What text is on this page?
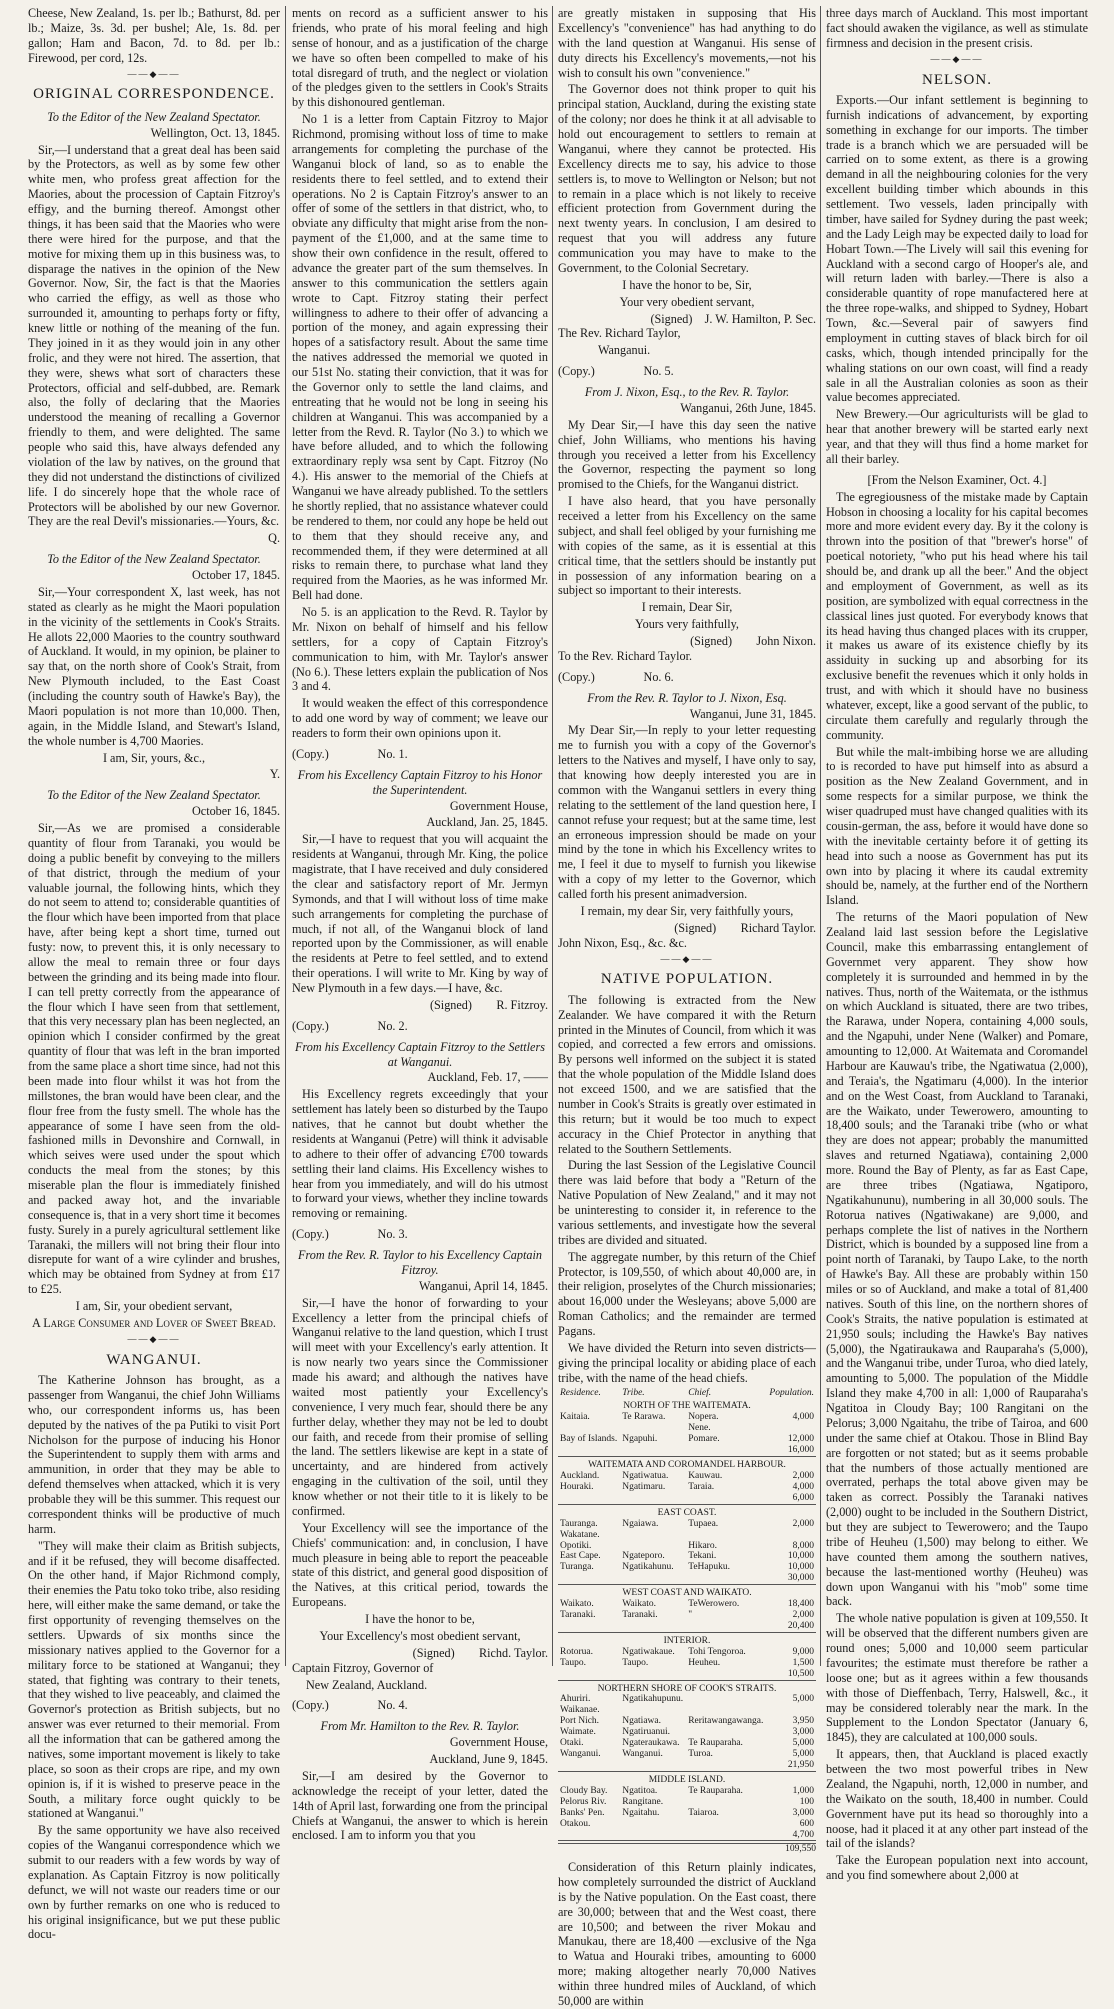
Cheese, New Zealand, 1s. per lb.; Bathurst, 8d. per lb.; Maize, 3s. 3d. per bushel; Ale, 1s. 8d. per gallon; Ham and Bacon, 7d. to 8d. per lb.: Firewood, per cord, 12s.

——◆——
ORIGINAL CORRESPONDENCE.

To the Editor of the New Zealand Spectator.

Wellington, Oct. 13, 1845.

Sir,—I understand that a great deal has been said by the Protectors, as well as by some few other white men, who profess great affection for the Maories, about the procession of Captain Fitzroy's effigy, and the burning thereof. Amongst other things, it has been said that the Maories who were there were hired for the purpose, and that the motive for mixing them up in this business was, to disparage the natives in the opinion of the New Governor. Now, Sir, the fact is that the Maories who carried the effigy, as well as those who surrounded it, amounting to perhaps forty or fifty, knew little or nothing of the meaning of the fun. They joined in it as they would join in any other frolic, and they were not hired. The assertion, that they were, shews what sort of characters these Protectors, official and self-dubbed, are. Remark also, the folly of declaring that the Maories understood the meaning of recalling a Governor friendly to them, and were delighted. The same people who said this, have always defended any violation of the law by natives, on the ground that they did not understand the distinctions of civilized life. I do sincerely hope that the whole race of Protectors will be abolished by our new Governor. They are the real Devil's missionaries.—Yours, &c.

Q.

To the Editor of the New Zealand Spectator.

October 17, 1845.

Sir,—Your correspondent X, last week, has not stated as clearly as he might the Maori population in the vicinity of the settlements in Cook's Straits. He allots 22,000 Maories to the country southward of Auckland. It would, in my opinion, be plainer to say that, on the north shore of Cook's Strait, from New Plymouth included, to the East Coast (including the country south of Hawke's Bay), the Maori population is not more than 10,000. Then, again, in the Middle Island, and Stewart's Island, the whole number is 4,700 Maories.

I am, Sir, yours, &c.,

Y.

To the Editor of the New Zealand Spectator.

October 16, 1845.

Sir,—As we are promised a considerable quantity of flour from Taranaki, you would be doing a public benefit by conveying to the millers of that district, through the medium of your valuable journal, the following hints, which they do not seem to attend to; considerable quantities of the flour which have been imported from that place have, after being kept a short time, turned out fusty: now, to prevent this, it is only necessary to allow the meal to remain three or four days between the grinding and its being made into flour. I can tell pretty correctly from the appearance of the flour which I have seen from that settlement, that this very necessary plan has been neglected, an opinion which I consider confirmed by the great quantity of flour that was left in the bran imported from the same place a short time since, had not this been made into flour whilst it was hot from the millstones, the bran would have been clear, and the flour free from the fusty smell. The whole has the appearance of some I have seen from the old-fashioned mills in Devonshire and Cornwall, in which seives were used under the spout which conducts the meal from the stones; by this miserable plan the flour is immediately finished and packed away hot, and the invariable consequence is, that in a very short time it becomes fusty. Surely in a purely agricultural settlement like Taranaki, the millers will not bring their flour into disrepute for want of a wire cylinder and brushes, which may be obtained from Sydney at from £17 to £25.

I am, Sir, your obedient servant,

A Large Consumer and Lover of Sweet Bread.

——◆——
WANGANUI.

The Katherine Johnson has brought, as a passenger from Wanganui, the chief John Williams who, our correspondent informs us, has been deputed by the natives of the pa Putiki to visit Port Nicholson for the purpose of inducing his Honor the Superintendent to supply them with arms and ammunition, in order that they may be able to defend themselves when attacked, which it is very probable they will be this summer. This request our correspondent thinks will be productive of much harm.

"They will make their claim as British subjects, and if it be refused, they will become disaffected. On the other hand, if Major Richmond comply, their enemies the Patu toko toko tribe, also residing here, will either make the same demand, or take the first opportunity of revenging themselves on the settlers. Upwards of six months since the missionary natives applied to the Governor for a military force to be stationed at Wanganui; they stated, that fighting was contrary to their tenets, that they wished to live peaceably, and claimed the Governor's protection as British subjects, but no answer was ever returned to their memorial. From all the information that can be gathered among the natives, some important movement is likely to take place, so soon as their crops are ripe, and my own opinion is, if it is wished to preserve peace in the South, a military force ought quickly to be stationed at Wanganui."

By the same opportunity we have also received copies of the Wanganui correspondence which we submit to our readers with a few words by way of explanation. As Captain Fitzroy is now politically defunct, we will not waste our readers time or our own by further remarks on one who is reduced to his original insignificance, but we put these public docu-

ments on record as a sufficient answer to his friends, who prate of his moral feeling and high sense of honour, and as a justification of the charge we have so often been compelled to make of his total disregard of truth, and the neglect or violation of the pledges given to the settlers in Cook's Straits by this dishonoured gentleman.

No 1 is a letter from Captain Fitzroy to Major Richmond, promising without loss of time to make arrangements for completing the purchase of the Wanganui block of land, so as to enable the residents there to feel settled, and to extend their operations. No 2 is Captain Fitzroy's answer to an offer of some of the settlers in that district, who, to obviate any difficulty that might arise from the non-payment of the £1,000, and at the same time to show their own confidence in the result, offered to advance the greater part of the sum themselves. In answer to this communication the settlers again wrote to Capt. Fitzroy stating their perfect willingness to adhere to their offer of advancing a portion of the money, and again expressing their hopes of a satisfactory result. About the same time the natives addressed the memorial we quoted in our 51st No. stating their conviction, that it was for the Governor only to settle the land claims, and entreating that he would not be long in seeing his children at Wanganui. This was accompanied by a letter from the Revd. R. Taylor (No 3.) to which we have before alluded, and to which the following extraordinary reply wsa sent by Capt. Fitzroy (No 4.). His answer to the memorial of the Chiefs at Wanganui we have already published. To the settlers he shortly replied, that no assistance whatever could be rendered to them, nor could any hope be held out to them that they should receive any, and recommended them, if they were determined at all risks to remain there, to purchase what land they required from the Maories, as he was informed Mr. Bell had done.

No 5. is an application to the Revd. R. Taylor by Mr. Nixon on behalf of himself and his fellow settlers, for a copy of Captain Fitzroy's communication to him, with Mr. Taylor's answer (No 6.). These letters explain the publication of Nos 3 and 4.

It would weaken the effect of this correspondence to add one word by way of comment; we leave our readers to form their own opinions upon it.

(Copy.)                No. 1.

From his Excellency Captain Fitzroy to his Honor the Superintendent.

Government House,

Auckland, Jan. 25, 1845.

Sir,—I have to request that you will acquaint the residents at Wanganui, through Mr. King, the police magistrate, that I have received and duly considered the clear and satisfactory report of Mr. Jermyn Symonds, and that I will without loss of time make such arrangements for completing the purchase of much, if not all, of the Wanganui block of land reported upon by the Commissioner, as will enable the residents at Petre to feel settled, and to extend their operations. I will write to Mr. King by way of New Plymouth in a few days.—I have, &c.

(Signed)        R. Fitzroy.

(Copy.)                No. 2.

From his Excellency Captain Fitzroy to the Settlers at Wanganui.

Auckland, Feb. 17, ——

His Excellency regrets exceedingly that your settlement has lately been so disturbed by the Taupo natives, that he cannot but doubt whether the residents at Wanganui (Petre) will think it advisable to adhere to their offer of advancing £700 towards settling their land claims. His Excellency wishes to hear from you immediately, and will do his utmost to forward your views, whether they incline towards removing or remaining.

(Copy.)                No. 3.

From the Rev. R. Taylor to his Excellency Captain Fitzroy.

Wanganui, April 14, 1845.

Sir,—I have the honor of forwarding to your Excellency a letter from the principal chiefs of Wanganui relative to the land question, which I trust will meet with your Excellency's early attention. It is now nearly two years since the Commissioner made his award; and although the natives have waited most patiently your Excellency's convenience, I very much fear, should there be any further delay, whether they may not be led to doubt our faith, and recede from their promise of selling the land. The settlers likewise are kept in a state of uncertainty, and are hindered from actively engaging in the cultivation of the soil, until they know whether or not their title to it is likely to be confirmed.

Your Excellency will see the importance of the Chiefs' communication: and, in conclusion, I have much pleasure in being able to report the peaceable state of this district, and general good disposition of the Natives, at this critical period, towards the Europeans.

I have the honor to be,

Your Excellency's most obedient servant,

(Signed)        Richd. Taylor.

Captain Fitzroy, Governor of

New Zealand, Auckland.

(Copy.)                No. 4.

From Mr. Hamilton to the Rev. R. Taylor.

Government House,

Auckland, June 9, 1845.

Sir,—I am desired by the Governor to acknowledge the receipt of your letter, dated the 14th of April last, forwarding one from the principal Chiefs at Wanganui, the answer to which is herein enclosed. I am to inform you that you

are greatly mistaken in supposing that His Excellency's "convenience" has had anything to do with the land question at Wanganui. His sense of duty directs his Excellency's movements,—not his wish to consult his own "convenience."

The Governor does not think proper to quit his principal station, Auckland, during the existing state of the colony; nor does he think it at all advisable to hold out encouragement to settlers to remain at Wanganui, where they cannot be protected. His Excellency directs me to say, his advice to those settlers is, to move to Wellington or Nelson; but not to remain in a place which is not likely to receive efficient protection from Government during the next twenty years. In conclusion, I am desired to request that you will address any future communication you may have to make to the Government, to the Colonial Secretary.

I have the honor to be, Sir,

Your very obedient servant,

(Signed)    J. W. Hamilton, P. Sec.

The Rev. Richard Taylor,

Wanganui.

(Copy.)                No. 5.

From J. Nixon, Esq., to the Rev. R. Taylor.

Wanganui, 26th June, 1845.

My Dear Sir,—I have this day seen the native chief, John Williams, who mentions his having through you received a letter from his Excellency the Governor, respecting the payment so long promised to the Chiefs, for the Wanganui district.

I have also heard, that you have personally received a letter from his Excellency on the same subject, and shall feel obliged by your furnishing me with copies of the same, as it is essential at this critical time, that the settlers should be instantly put in possession of any information bearing on a subject so important to their interests.

I remain, Dear Sir,

Yours very faithfully,

(Signed)        John Nixon.

To the Rev. Richard Taylor.

(Copy.)                No. 6.

From the Rev. R. Taylor to J. Nixon, Esq.

Wanganui, June 31, 1845.

My Dear Sir,—In reply to your letter requesting me to furnish you with a copy of the Governor's letters to the Natives and myself, I have only to say, that knowing how deeply interested you are in common with the Wanganui settlers in every thing relating to the settlement of the land question here, I cannot refuse your request; but at the same time, lest an erroneous impression should be made on your mind by the tone in which his Excellency writes to me, I feel it due to myself to furnish you likewise with a copy of my letter to the Governor, which called forth his present animadversion.

I remain, my dear Sir, very faithfully yours,

(Signed)        Richard Taylor.

John Nixon, Esq., &c. &c.

——◆——
NATIVE POPULATION.

The following is extracted from the New Zealander. We have compared it with the Return printed in the Minutes of Council, from which it was copied, and corrected a few errors and omissions. By persons well informed on the subject it is stated that the whole population of the Middle Island does not exceed 1500, and we are satisfied that the number in Cook's Straits is greatly over estimated in this return; but it would be too much to expect accuracy in the Chief Protector in anything that related to the Southern Settlements.

During the last Session of the Legislative Council there was laid before that body a "Return of the Native Population of New Zealand," and it may not be uninteresting to consider it, in reference to the various settlements, and investigate how the several tribes are divided and situated.

The aggregate number, by this return of the Chief Protector, is 109,550, of which about 40,000 are, in their religion, proselytes of the Church missionaries; about 16,000 under the Wesleyans; above 5,000 are Roman Catholics; and the remainder are termed Pagans.

We have divided the Return into seven districts—giving the principal locality or abiding place of each tribe, with the name of the head chiefs.

Residence.	Tribe.	Chief.	Population.
NORTH OF THE WAITEMATA.			
Kaitaia.	Te Rarawa.	Nopera.	4,000
		Nene.	
Bay of Islands.	Ngapuhi.	Pomare.	12,000
16,000			
WAITEMATA AND COROMANDEL HARBOUR.			
Auckland.	Ngatiwatua.	Kauwau.	2,000
Houraki.	Ngatimaru.	Taraia.	4,000
6,000			
EAST COAST.			
Tauranga.	Ngaiawa.	Tupaea.	2,000
Wakatane.			
Opotiki.		Hikaro.	8,000
East Cape.	Ngateporo.	Tekani.	10,000
Turanga.	Ngatikahunu.	TeHapuku.	10,000
30,000			
WEST COAST AND WAIKATO.			
Waikato.	Waikato.	TeWerowero.	18,400
Taranaki.	Taranaki.	"	2,000
20,400			
INTERIOR.			
Rotorua.	Ngatiwakaue.	Tohi Tengoroa.	9,000
Taupo.	Taupo.	Heuheu.	1,500
10,500			
NORTHERN SHORE OF COOK'S STRAITS.			
Ahuriri.	Ngatikahupunu.		5,000
Waikanae.			
Port Nich.	Ngatiawa.	Reritawangawanga.	3,950
Waimate.	Ngatiruanui.		3,000
Otaki.	Ngateraukawa.	Te Rauparaha.	5,000
Wanganui.	Wanganui.	Turoa.	5,000
21,950			
MIDDLE ISLAND.			
Cloudy Bay.	Ngatitoa.	Te Rauparaha.	1,000
Pelorus Riv.	Rangitane.		100
Banks' Pen.	Ngaitahu.	Taiaroa.	3,000
Otakou.			600
4,700			
109,550

Consideration of this Return plainly indicates, how completely surrounded the district of Auckland is by the Native population. On the East coast, there are 30,000; between that and the West coast, there are 10,500; and between the river Mokau and Manukau, there are 18,400 —exclusive of the Nga to Watua and Houraki tribes, amounting to 6000 more; making altogether nearly 70,000 Natives within three hundred miles of Auckland, of which 50,000 are within

three days march of Auckland. This most important fact should awaken the vigilance, as well as stimulate firmness and decision in the present crisis.

——◆——
NELSON.

Exports.—Our infant settlement is beginning to furnish indications of advancement, by exporting something in exchange for our imports. The timber trade is a branch which we are persuaded will be carried on to some extent, as there is a growing demand in all the neighbouring colonies for the very excellent building timber which abounds in this settlement. Two vessels, laden principally with timber, have sailed for Sydney during the past week; and the Lady Leigh may be expected daily to load for Hobart Town.—The Lively will sail this evening for Auckland with a second cargo of Hooper's ale, and will return laden with barley.—There is also a considerable quantity of rope manufactered here at the three rope-walks, and shipped to Sydney, Hobart Town, &c.—Several pair of sawyers find employment in cutting staves of black birch for oil casks, which, though intended principally for the whaling stations on our own coast, will find a ready sale in all the Australian colonies as soon as their value becomes appreciated.

New Brewery.—Our agriculturists will be glad to hear that another brewery will be started early next year, and that they will thus find a home market for all their barley.

[From the Nelson Examiner, Oct. 4.]

The egregiousness of the mistake made by Captain Hobson in choosing a locality for his capital becomes more and more evident every day. By it the colony is thrown into the position of that "brewer's horse" of poetical notoriety, "who put his head where his tail should be, and drank up all the beer." And the object and employment of Government, as well as its position, are symbolized with equal correctness in the classical lines just quoted. For everybody knows that its head having thus changed places with its crupper, it makes us aware of its existence chiefly by its assiduity in sucking up and absorbing for its exclusive benefit the revenues which it only holds in trust, and with which it should have no business whatever, except, like a good servant of the public, to circulate them carefully and regularly through the community.

But while the malt-imbibing horse we are alluding to is recorded to have put himself into as absurd a position as the New Zealand Government, and in some respects for a similar purpose, we think the wiser quadruped must have changed qualities with its cousin-german, the ass, before it would have done so with the inevitable certainty before it of getting its head into such a noose as Government has put its own into by placing it where its caudal extremity should be, namely, at the further end of the Northern Island.

The returns of the Maori population of New Zealand laid last session before the Legislative Council, make this embarrassing entanglement of Governmet very apparent. They show how completely it is surrounded and hemmed in by the natives. Thus, north of the Waitemata, or the isthmus on which Auckland is situated, there are two tribes, the Rarawa, under Nopera, containing 4,000 souls, and the Ngapuhi, under Nene (Walker) and Pomare, amounting to 12,000. At Waitemata and Coromandel Harbour are Kauwau's tribe, the Ngatiwatua (2,000), and Teraia's, the Ngatimaru (4,000). In the interior and on the West Coast, from Auckland to Taranaki, are the Waikato, under Tewerowero, amounting to 18,400 souls; and the Taranaki tribe (who or what they are does not appear; probably the manumitted slaves and returned Ngatiawa), containing 2,000 more. Round the Bay of Plenty, as far as East Cape, are three tribes (Ngatiawa, Ngatiporo, Ngatikahununu), numbering in all 30,000 souls. The Rotorua natives (Ngatiwakane) are 9,000, and perhaps complete the list of natives in the Northern District, which is bounded by a supposed line from a point north of Taranaki, by Taupo Lake, to the north of Hawke's Bay. All these are probably within 150 miles or so of Auckland, and make a total of 81,400 natives. South of this line, on the northern shores of Cook's Straits, the native population is estimated at 21,950 souls; including the Hawke's Bay natives (5,000), the Ngatiraukawa and Rauparaha's (5,000), and the Wanganui tribe, under Turoa, who died lately, amounting to 5,000. The population of the Middle Island they make 4,700 in all: 1,000 of Rauparaha's Ngatitoa in Cloudy Bay; 100 Rangitani on the Pelorus; 3,000 Ngaitahu, the tribe of Tairoa, and 600 under the same chief at Otakou. Those in Blind Bay are forgotten or not stated; but as it seems probable that the numbers of those actually mentioned are overrated, perhaps the total above given may be taken as correct. Possibly the Taranaki natives (2,000) ought to be included in the Southern District, but they are subject to Tewerowero; and the Taupo tribe of Heuheu (1,500) may belong to either. We have counted them among the southern natives, because the last-mentioned worthy (Heuheu) was down upon Wanganui with his "mob" some time back.

The whole native population is given at 109,550. It will be observed that the different numbers given are round ones; 5,000 and 10,000 seem particular favourites; the estimate must therefore be rather a loose one; but as it agrees within a few thousands with those of Dieffenbach, Terry, Halswell, &c., it may be considered tolerably near the mark. In the Supplement to the London Spectator (January 6, 1845), they are calculated at 100,000 souls.

It appears, then, that Auckland is placed exactly between the two most powerful tribes in New Zealand, the Ngapuhi, north, 12,000 in number, and the Waikato on the south, 18,400 in number. Could Government have put its head so thoroughly into a noose, had it placed it at any other part instead of the tail of the islands?

Take the European population next into account, and you find somewhere about 2,000 at
